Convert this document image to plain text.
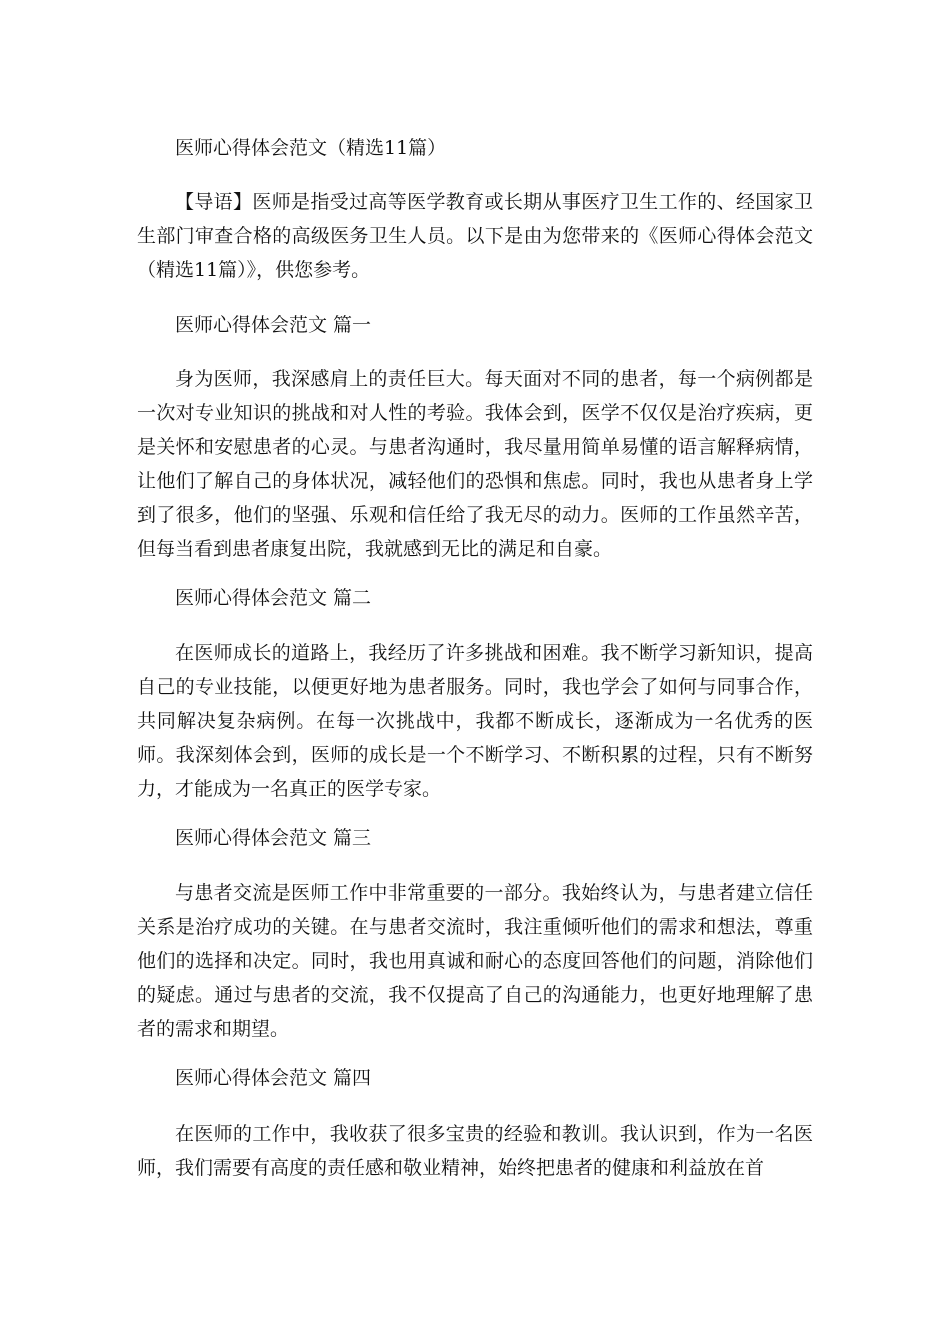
医师心得体会范文（精选11篇）

【导语】医师是指受过高等医学教育或长期从事医疗卫生工作的、经国家卫生部门审查合格的高级医务卫生人员。以下是由为您带来的《医师心得体会范文（精选11篇）》，供您参考。

医师心得体会范文 篇一

身为医师，我深感肩上的责任巨大。每天面对不同的患者，每一个病例都是一次对专业知识的挑战和对人性的考验。我体会到，医学不仅仅是治疗疾病，更是关怀和安慰患者的心灵。与患者沟通时，我尽量用简单易懂的语言解释病情，让他们了解自己的身体状况，减轻他们的恐惧和焦虑。同时，我也从患者身上学到了很多，他们的坚强、乐观和信任给了我无尽的动力。医师的工作虽然辛苦，但每当看到患者康复出院，我就感到无比的满足和自豪。

医师心得体会范文 篇二

在医师成长的道路上，我经历了许多挑战和困难。我不断学习新知识，提高自己的专业技能，以便更好地为患者服务。同时，我也学会了如何与同事合作，共同解决复杂病例。在每一次挑战中，我都不断成长，逐渐成为一名优秀的医师。我深刻体会到，医师的成长是一个不断学习、不断积累的过程，只有不断努力，才能成为一名真正的医学专家。

医师心得体会范文 篇三

与患者交流是医师工作中非常重要的一部分。我始终认为，与患者建立信任关系是治疗成功的关键。在与患者交流时，我注重倾听他们的需求和想法，尊重他们的选择和决定。同时，我也用真诚和耐心的态度回答他们的问题，消除他们的疑虑。通过与患者的交流，我不仅提高了自己的沟通能力，也更好地理解了患者的需求和期望。

医师心得体会范文 篇四

在医师的工作中，我收获了很多宝贵的经验和教训。我认识到，作为一名医师，我们需要有高度的责任感和敬业精神，始终把患者的健康和利益放在首
